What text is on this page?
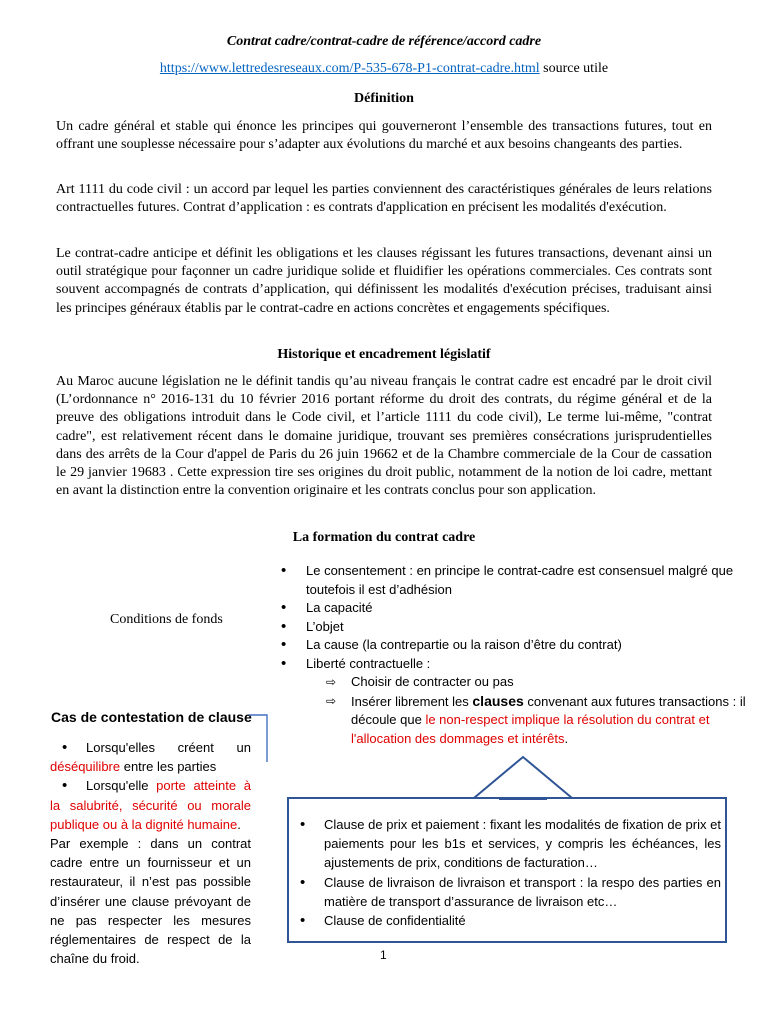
Contrat cadre/contrat-cadre de référence/accord cadre
https://www.lettredesreseaux.com/P-535-678-P1-contrat-cadre.html source utile
Définition
Un cadre général et stable qui énonce les principes qui gouverneront l’ensemble des transactions futures, tout en offrant une souplesse nécessaire pour s’adapter aux évolutions du marché et aux besoins changeants des parties.
Art 1111 du code civil : un accord par lequel les parties conviennent des caractéristiques générales de leurs relations contractuelles futures. Contrat d’application : es contrats d'application en précisent les modalités d'exécution.
Le contrat-cadre anticipe et définit les obligations et les clauses régissant les futures transactions, devenant ainsi un outil stratégique pour façonner un cadre juridique solide et fluidifier les opérations commerciales. Ces contrats sont souvent accompagnés de contrats d’application, qui définissent les modalités d'exécution précises, traduisant ainsi les principes généraux établis par le contrat-cadre en actions concrètes et engagements spécifiques.
Historique et encadrement législatif
Au Maroc aucune législation ne le définit tandis qu’au niveau français le contrat cadre est encadré par le droit civil (L’ordonnance n° 2016-131 du 10 février 2016 portant réforme du droit des contrats, du régime général et de la preuve des obligations introduit dans le Code civil, et l’article 1111 du code civil), Le terme lui-même, "contrat cadre", est relativement récent dans le domaine juridique, trouvant ses premières consécrations jurisprudentielles dans des arrêts de la Cour d'appel de Paris du 26 juin 19662 et de la Chambre commerciale de la Cour de cassation le 29 janvier 19683 . Cette expression tire ses origines du droit public, notamment de la notion de loi cadre, mettant en avant la distinction entre la convention originaire et les contrats conclus pour son application.
La formation du contrat cadre
Conditions de fonds
• Le consentement : en principe le contrat-cadre est consensuel malgré que toutefois il est d’adhésion
• La capacité
• L’objet
• La cause (la contrepartie ou la raison d’être du contrat)
• Liberté contractuelle :
⇨ Choisir de contracter ou pas
⇨ Insérer librement les clauses convenant aux futures transactions : il découle que le non-respect implique la résolution du contrat et l'allocation des dommages et intérêts.
Cas de contestation de clause
• Lorsqu'elles créent un déséquilibre entre les parties
• Lorsqu'elle porte atteinte à la salubrité, sécurité ou morale publique ou à la dignité humaine.
Par exemple : dans un contrat cadre entre un fournisseur et un restaurateur, il n’est pas possible d’insérer une clause prévoyant de ne pas respecter les mesures réglementaires de respect de la chaîne du froid.
• Clause de prix et paiement : fixant les modalités de fixation de prix et paiements pour les b1s et services, y compris les échéances, les ajustements de prix, conditions de facturation…
• Clause de livraison de livraison et transport : la respo des parties en matière de transport d’assurance de livraison etc…
• Clause de confidentialité
1
